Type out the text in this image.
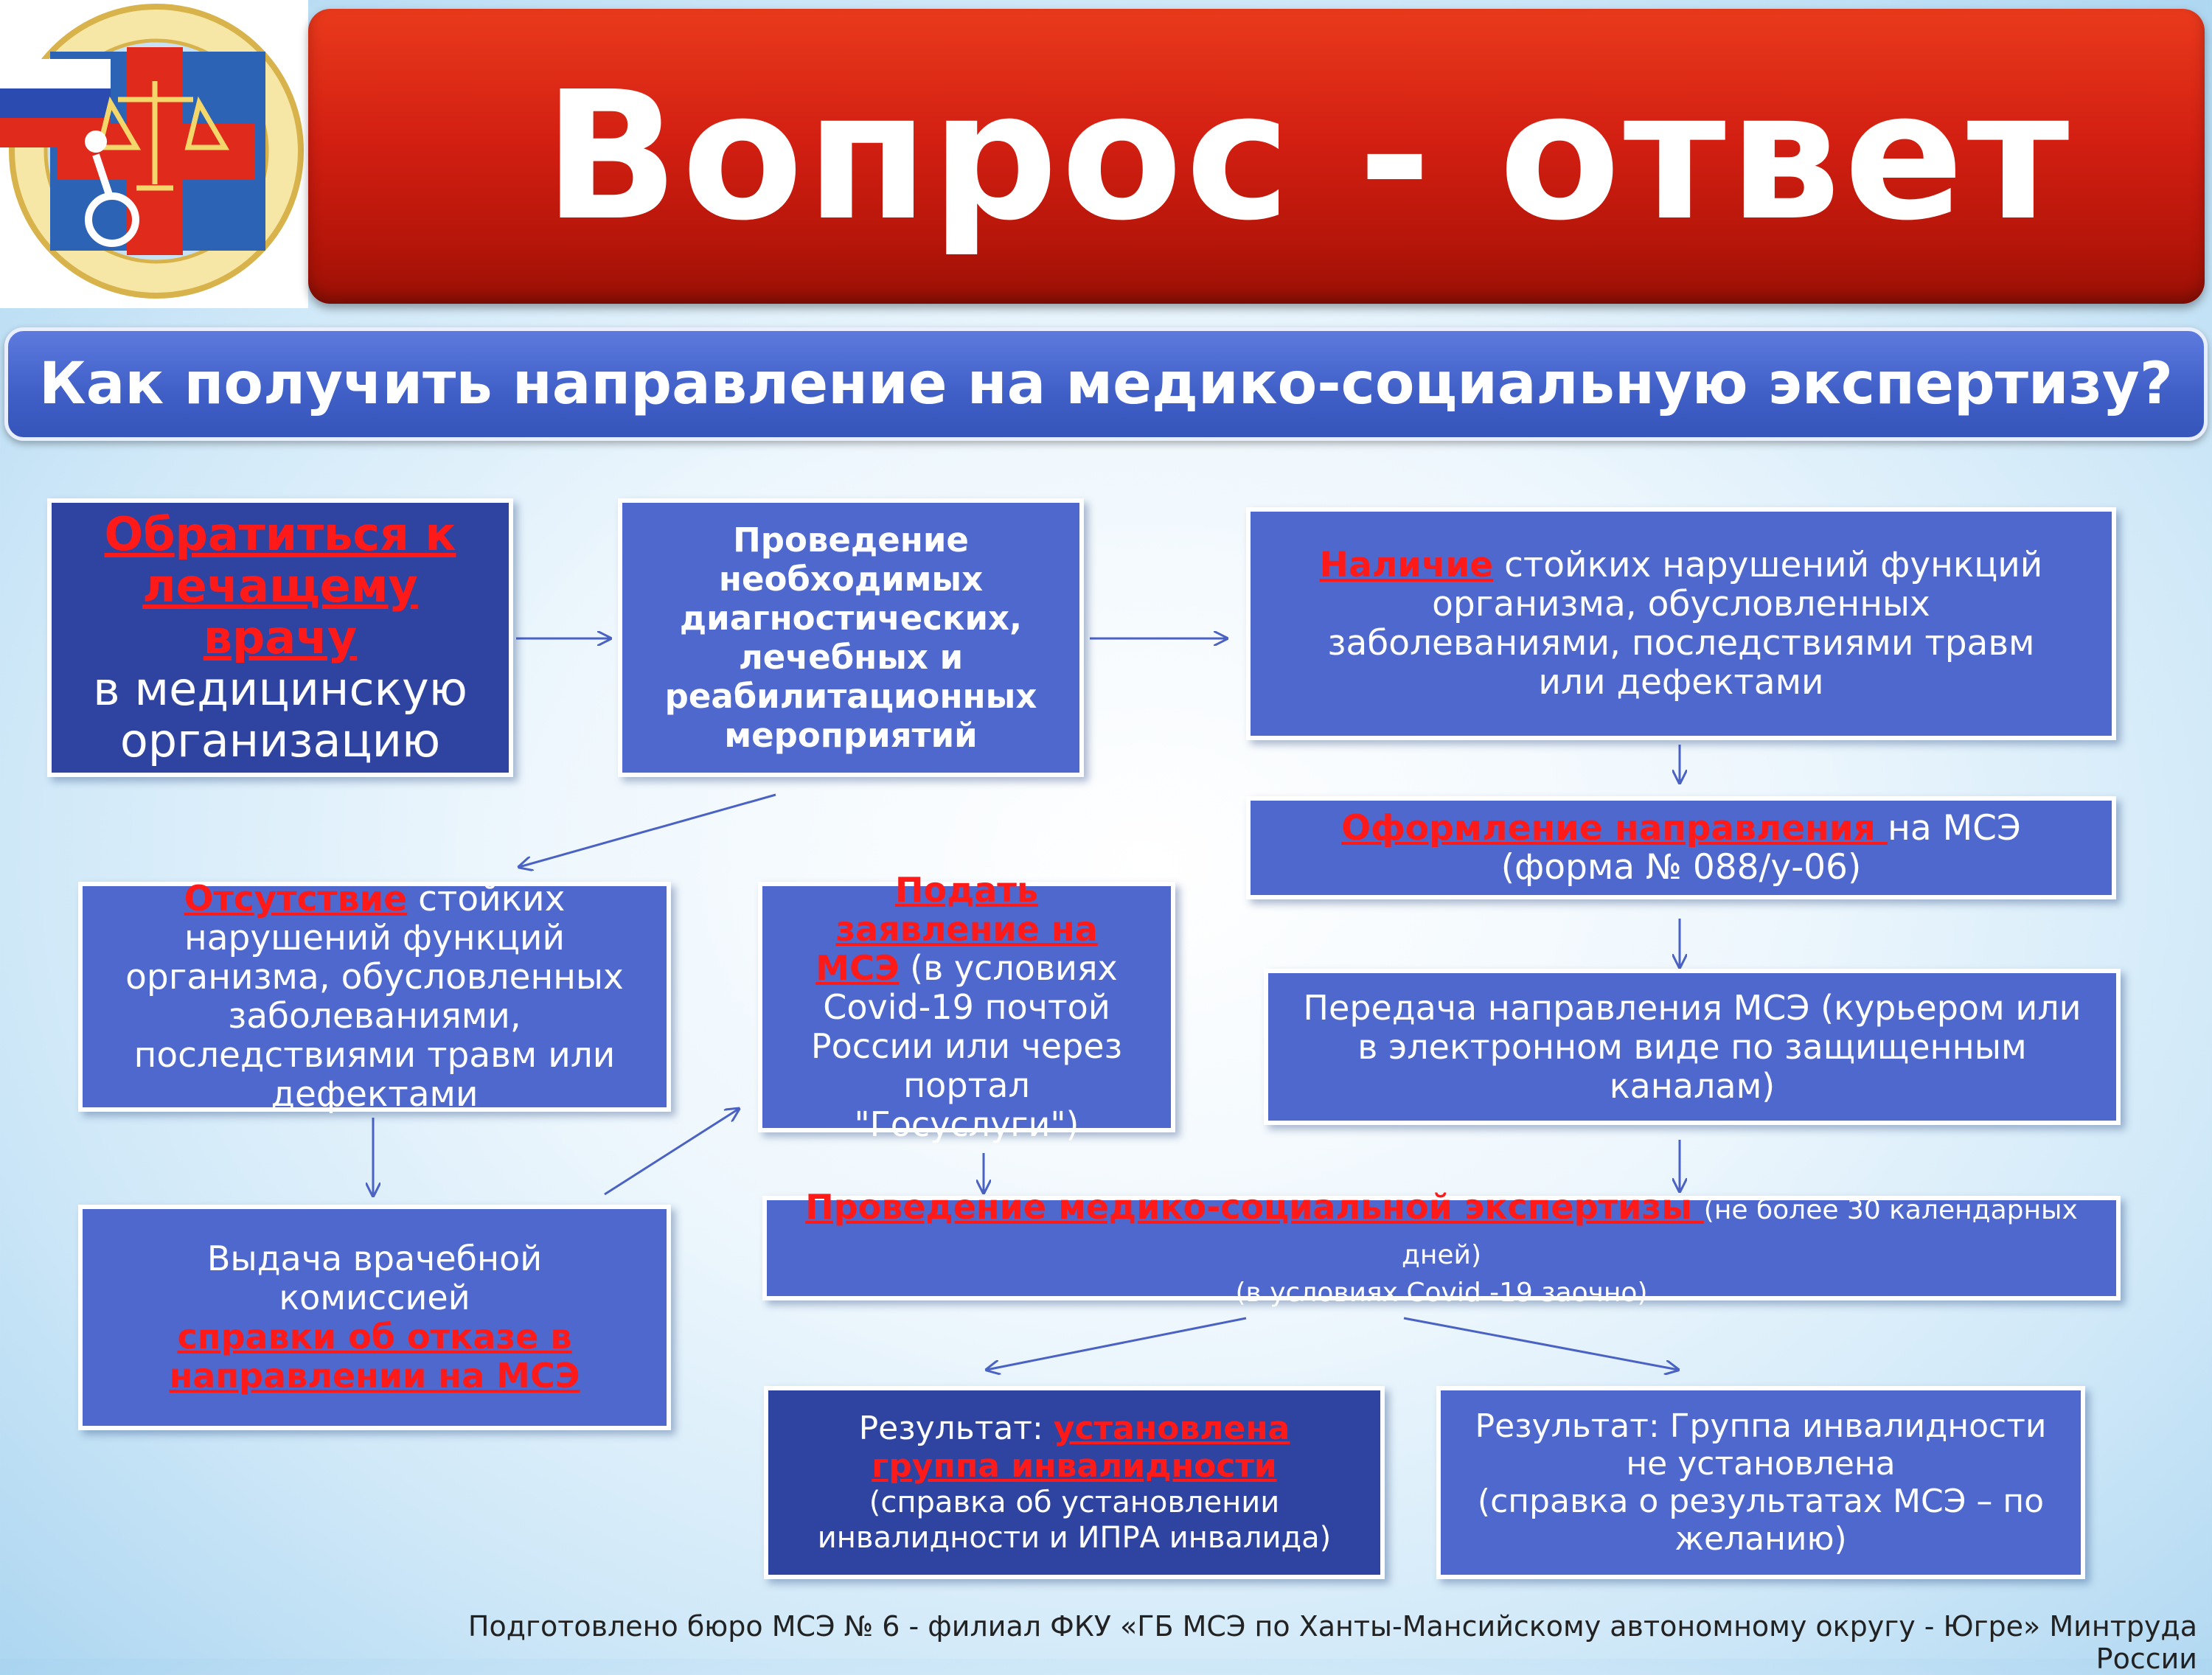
Вопрос - ответ
Как получить направление на медико-социальную экспертизу?
Обратиться к лечащему врачу
в медицинскую организацию
Проведение необходимых диагностических, лечебных и реабилитационных мероприятий
Наличие стойких нарушений функций организма, обусловленных заболеваниями, последствиями травм или дефектами
Оформление направления на МСЭ
(форма № 088/у-06)
Передача направления МСЭ (курьером или в электронном виде по защищенным каналам)
Отсутствие стойких нарушений функций организма, обусловленных заболеваниями, последствиями травм или дефектами
Подать заявление на МСЭ (в условиях Covid-19 почтой России или через портал "Госуслуги")
Проведение медико-социальной экспертизы (не более 30 календарных дней)
(в условиях Covid -19 заочно)
Выдача врачебной комиссией
справки об отказе в направлении на МСЭ
Результат: установлена группа инвалидности
(справка об установлении инвалидности и ИПРА инвалида)
Результат: Группа инвалидности не установлена
(справка о результатах МСЭ – по желанию)
Подготовлено бюро МСЭ № 6 - филиал ФКУ «ГБ МСЭ по Ханты-Мансийскому автономному округу - Югре» Минтруда России
